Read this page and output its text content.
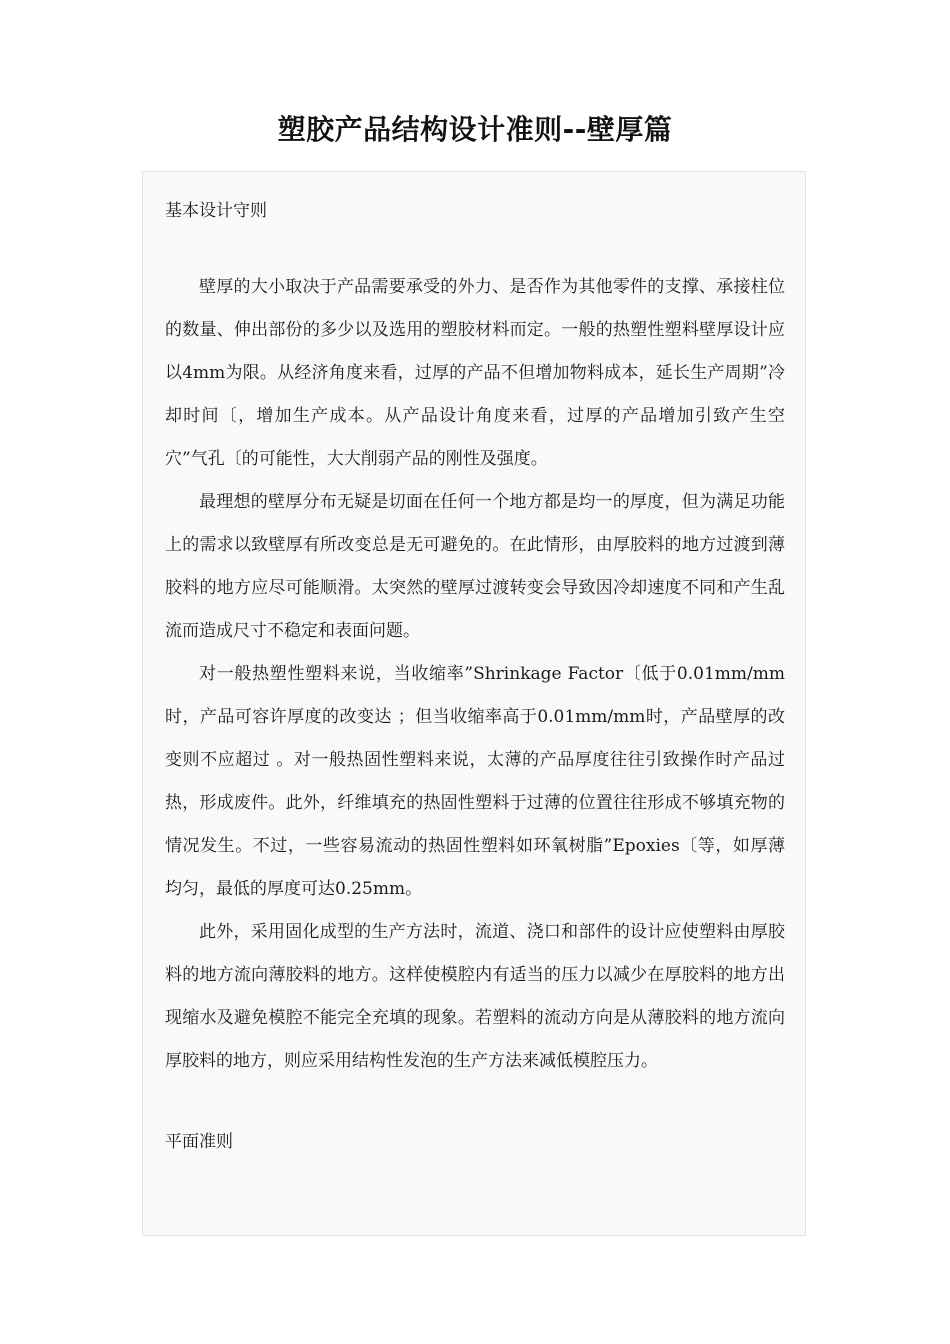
塑胶产品结构设计准则--壁厚篇
基本设计守则

壁厚的大小取决于产品需要承受的外力、是否作为其他零件的支撑、承接柱位的数量、伸出部份的多少以及选用的塑胶材料而定。一般的热塑性塑料壁厚设计应以4mm为限。从经济角度来看，过厚的产品不但增加物料成本，延长生产周期”冷却时间〔，增加生产成本。从产品设计角度来看，过厚的产品增加引致产生空穴”气孔〔的可能性，大大削弱产品的刚性及强度。

最理想的壁厚分布无疑是切面在任何一个地方都是均一的厚度，但为满足功能上的需求以致壁厚有所改变总是无可避免的。在此情形，由厚胶料的地方过渡到薄胶料的地方应尽可能顺滑。太突然的壁厚过渡转变会导致因冷却速度不同和产生乱流而造成尺寸不稳定和表面问题。

对一般热塑性塑料来说，当收缩率”Shrinkage Factor〔低于0.01mm/mm时，产品可容许厚度的改变达 ；但当收缩率高于0.01mm/mm时，产品壁厚的改变则不应超过 。对一般热固性塑料来说，太薄的产品厚度往往引致操作时产品过热，形成废件。此外，纤维填充的热固性塑料于过薄的位置往往形成不够填充物的情况发生。不过，一些容易流动的热固性塑料如环氧树脂”Epoxies〔等，如厚薄均匀，最低的厚度可达0.25mm。

此外，采用固化成型的生产方法时，流道、浇口和部件的设计应使塑料由厚胶料的地方流向薄胶料的地方。这样使模腔内有适当的压力以减少在厚胶料的地方出现缩水及避免模腔不能完全充填的现象。若塑料的流动方向是从薄胶料的地方流向厚胶料的地方，则应采用结构性发泡的生产方法来减低模腔压力。

平面准则
